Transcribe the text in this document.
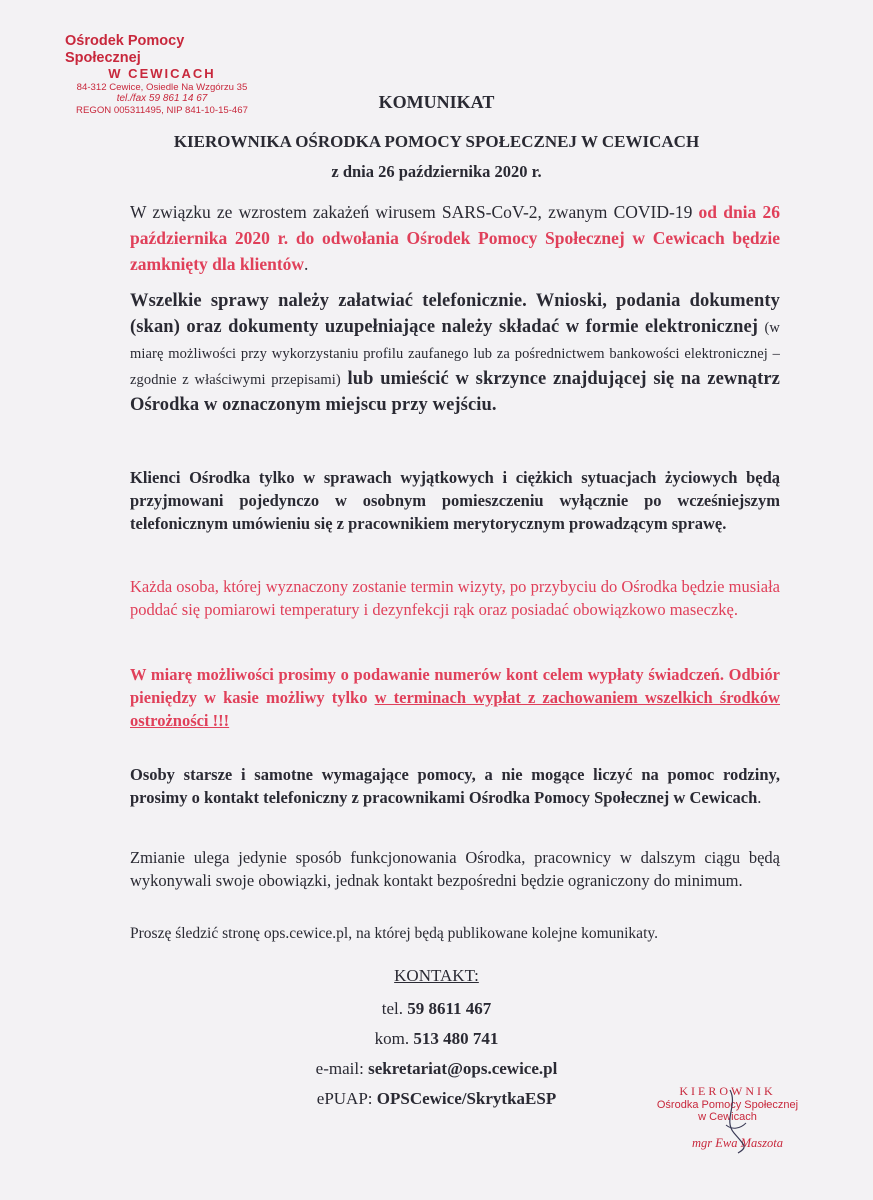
Ośrodek Pomocy Społecznej
W CEWICACH
84-312 Cewice, Osiedle Na Wzgórzu 35
tel./fax 59 861 14 67
REGON 005311495, NIP 841-10-15-467	KOMUNIKAT
KIEROWNIKA OŚRODKA POMOCY SPOŁECZNEJ W CEWICACH
z dnia 26 października 2020 r.
W związku ze wzrostem zakażeń wirusem SARS-CoV-2, zwanym COVID-19 od dnia 26 października 2020 r. do odwołania Ośrodek Pomocy Społecznej w Cewicach będzie zamknięty dla klientów.
Wszelkie sprawy należy załatwiać telefonicznie. Wnioski, podania dokumenty (skan) oraz dokumenty uzupełniające należy składać w formie elektronicznej (w miarę możliwości przy wykorzystaniu profilu zaufanego lub za pośrednictwem bankowości elektronicznej – zgodnie z właściwymi przepisami) lub umieścić w skrzynce znajdującej się na zewnątrz Ośrodka w oznaczonym miejscu przy wejściu.
Klienci Ośrodka tylko w sprawach wyjątkowych i ciężkich sytuacjach życiowych będą przyjmowani pojedynczo w osobnym pomieszczeniu wyłącznie po wcześniejszym telefonicznym umówieniu się z pracownikiem merytorycznym prowadzącym sprawę.
Każda osoba, której wyznaczony zostanie termin wizyty, po przybyciu do Ośrodka będzie musiała poddać się pomiarowi temperatury i dezynfekcji rąk oraz posiadać obowiązkowo maseczkę.
W miarę możliwości prosimy o podawanie numerów kont celem wypłaty świadczeń. Odbiór pieniędzy w kasie możliwy tylko w terminach wypłat z zachowaniem wszelkich środków ostrożności !!!
Osoby starsze i samotne wymagające pomocy, a nie mogące liczyć na pomoc rodziny, prosimy o kontakt telefoniczny z pracownikami Ośrodka Pomocy Społecznej w Cewicach.
Zmianie ulega jedynie sposób funkcjonowania Ośrodka, pracownicy w dalszym ciągu będą wykonywali swoje obowiązki, jednak kontakt bezpośredni będzie ograniczony do minimum.
Proszę śledzić stronę ops.cewice.pl, na której będą publikowane kolejne komunikaty.
KONTAKT:
tel. 59 8611 467
kom. 513 480 741
e-mail: sekretariat@ops.cewice.pl
ePUAP: OPSCewice/SkrytkaESP	KIEROWNIK
Ośrodka Pomocy Społecznej
w Cewicach
mgr Ewa Maszota
